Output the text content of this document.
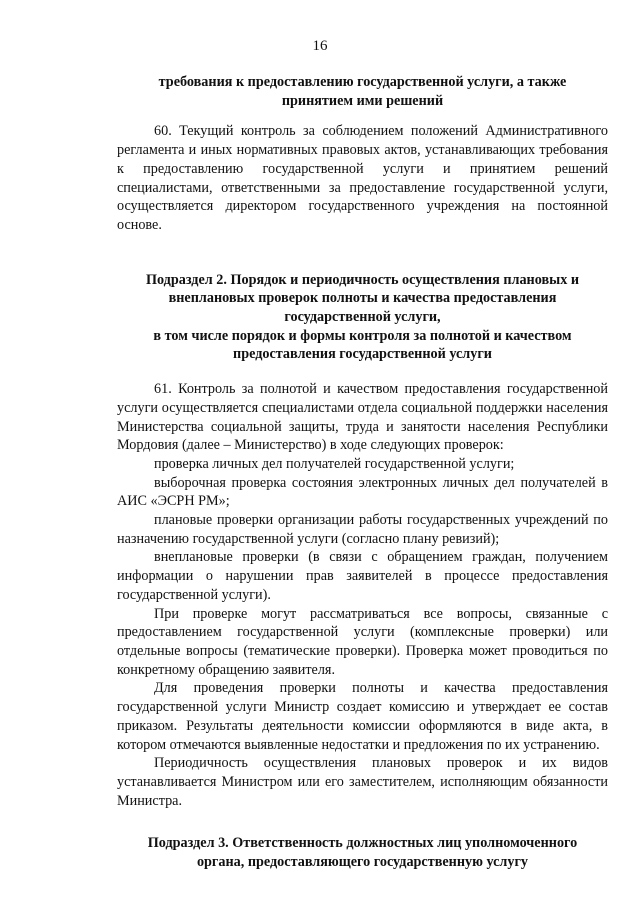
16

требования к предоставлению государственной услуги, а также

принятием ими решений

60. Текущий контроль за соблюдением положений Административного регламента и иных нормативных правовых актов, устанавливающих требования к предоставлению государственной услуги и принятием решений специалистами, ответственными за предоставление государственной услуги, осуществляется директором государственного учреждения на постоянной основе.

Подраздел 2. Порядок и периодичность осуществления плановых и

внеплановых проверок полноты и качества предоставления

государственной услуги,

в том числе порядок и формы контроля за полнотой и качеством

предоставления государственной услуги

61. Контроль за полнотой и качеством предоставления государственной услуги осуществляется специалистами отдела социальной поддержки населения Министерства социальной защиты, труда и занятости населения Республики Мордовия (далее – Министерство) в ходе следующих проверок:

проверка личных дел получателей государственной услуги;

выборочная проверка состояния электронных личных дел получателей в АИС «ЭСРН РМ»;

плановые проверки организации работы государственных учреждений по назначению государственной услуги (согласно плану ревизий);

внеплановые проверки (в связи с обращением граждан, получением информации о нарушении прав заявителей в процессе предоставления государственной услуги).

При проверке могут рассматриваться все вопросы, связанные с предоставлением государственной услуги (комплексные проверки) или отдельные вопросы (тематические проверки). Проверка может проводиться по конкретному обращению заявителя.

Для проведения проверки полноты и качества предоставления государственной услуги Министр создает комиссию и утверждает ее состав приказом. Результаты деятельности комиссии оформляются в виде акта, в котором отмечаются выявленные недостатки и предложения по их устранению.

Периодичность осуществления плановых проверок и их видов устанавливается Министром или его заместителем, исполняющим обязанности Министра.

Подраздел 3. Ответственность должностных лиц уполномоченного

органа, предоставляющего государственную услугу
